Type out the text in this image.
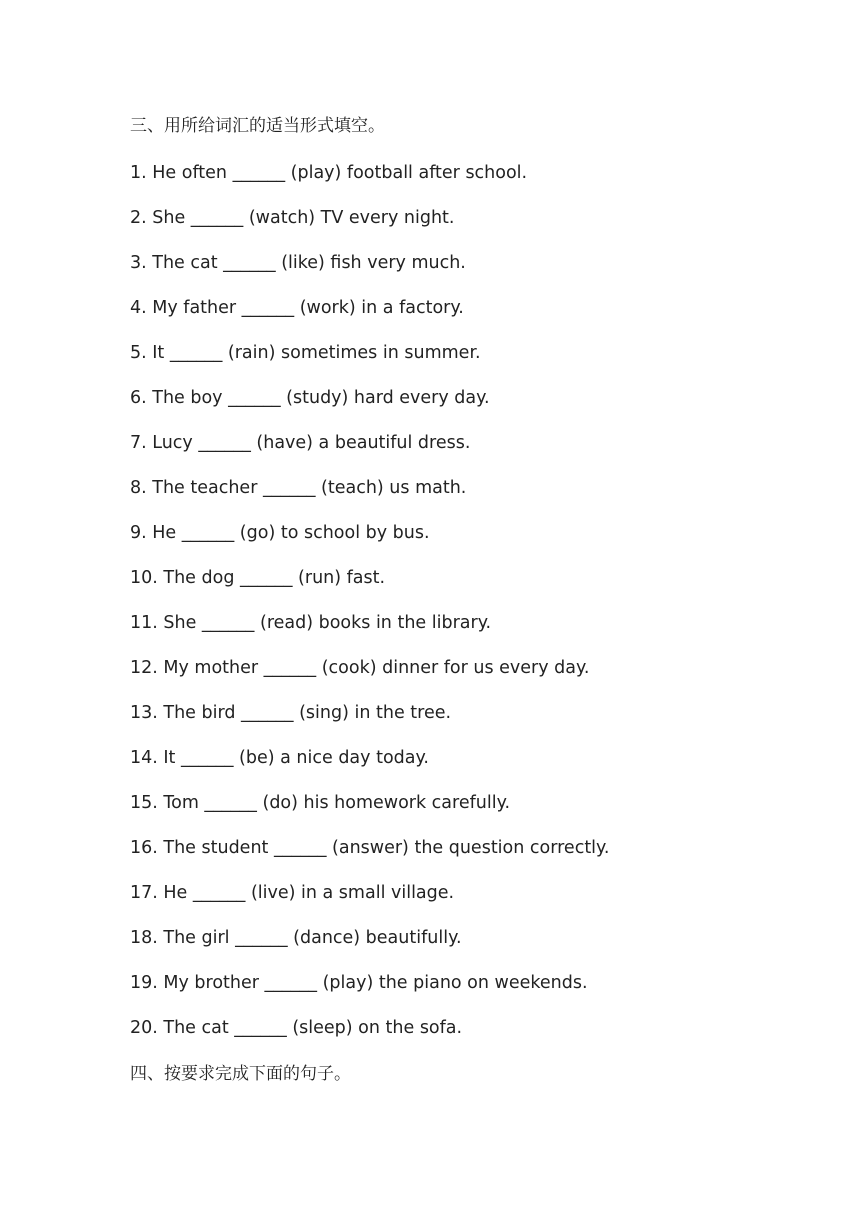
三、用所给词汇的适当形式填空。
1. He often ______ (play) football after school.
2. She ______ (watch) TV every night.
3. The cat ______ (like) fish very much.
4. My father ______ (work) in a factory.
5. It ______ (rain) sometimes in summer.
6. The boy ______ (study) hard every day.
7. Lucy ______ (have) a beautiful dress.
8. The teacher ______ (teach) us math.
9. He ______ (go) to school by bus.
10. The dog ______ (run) fast.
11. She ______ (read) books in the library.
12. My mother ______ (cook) dinner for us every day.
13. The bird ______ (sing) in the tree.
14. It ______ (be) a nice day today.
15. Tom ______ (do) his homework carefully.
16. The student ______ (answer) the question correctly.
17. He ______ (live) in a small village.
18. The girl ______ (dance) beautifully.
19. My brother ______ (play) the piano on weekends.
20. The cat ______ (sleep) on the sofa.
四、按要求完成下面的句子。
